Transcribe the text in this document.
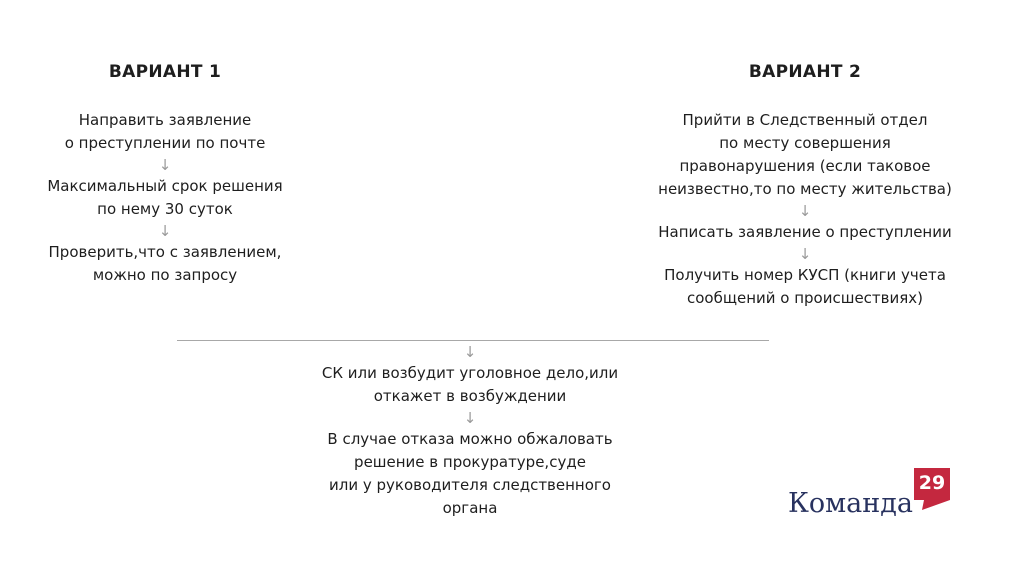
ВАРИАНТ 1
Направить заявление
о преступлении по почте
↓
Максимальный срок решения
по нему 30 суток
↓
Проверить,что с заявлением,
можно по запросу
ВАРИАНТ 2
Прийти в Следственный отдел
по месту совершения
правонарушения (если таковое
неизвестно,то по месту жительства)
↓
Написать заявление о преступлении
↓
Получить номер КУСП (книги учета
сообщений о происшествиях)
↓
СК или возбудит уголовное дело,или
откажет в возбуждении
↓
В случае отказа можно обжаловать
решение в прокуратуре,суде
или у руководителя следственного
органа	Команда
29
